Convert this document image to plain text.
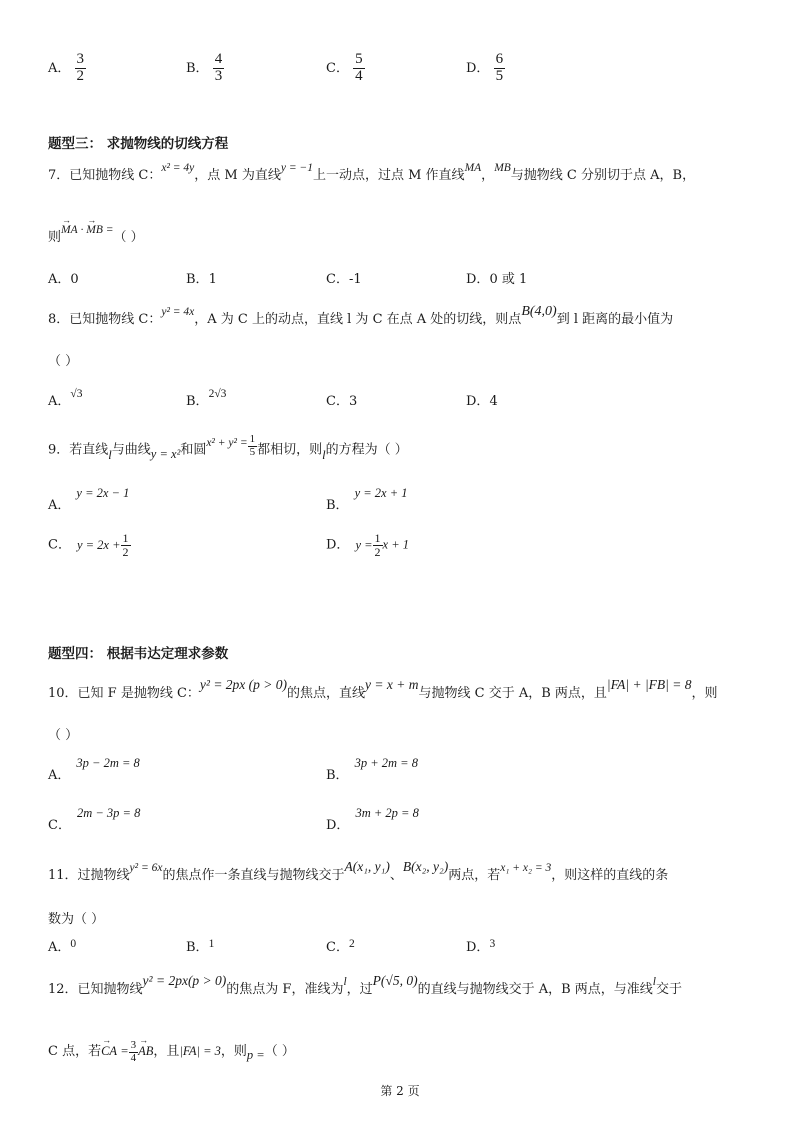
A． $\frac{3}{2}$	B． $\frac{4}{3}$	C． $\frac{5}{4}$	D． $\frac{6}{5}$
题型三： 求抛物线的切线方程
7．已知抛物线 C：x² = 4y，点 M 为直线y = −1上一动点，过点 M 作直线MA，MB与抛物线 C 分别切于点 A，B，
则→ MA · → MB =（ ）
A．0	B．1	C．-1	D．0 或 1
8．已知抛物线 C：y² = 4x，A 为 C 上的动点，直线 l 为 C 在点 A 处的切线，则点B(4,0)到 l 距离的最小值为
（ ）
A．√3	B．2√3	C．3	D．4
9．若直线l与曲线y = x²和圆$x^2 + y^2 = \frac{1}{5}$ 都相切，则l的方程为（ ）
A．y = 2x − 1
B．y = 2x + 1
C． $y = 2x + \frac{1}{2}$	D． $y = \frac{1}{2}$ x + 1
题型四： 根据韦达定理求参数
10．已知 F 是抛物线 C：y² = 2px (p > 0)的焦点，直线y = x + m与抛物线 C 交于 A，B 两点，且|FA| + |FB| = 8，则
（ ）
A．3p − 2m = 8
B．3p + 2m = 8
C．2m − 3p = 8
D．3m + 2p = 8
11．过抛物线y² = 6x的焦点作一条直线与抛物线交于A(x₁, y₁)、B(x₂, y₂)两点，若x₁ + x₂ = 3，则这样的直线的条
数为（ ）
A．0	B．1	C．2	D．3
12．已知抛物线y² = 2px(p > 0)的焦点为 F，准线为l，过P(√5, 0)的直线与抛物线交于 A，B 两点，与准线l交于
C 点，若→ CA = $\frac{3}{4}$
→ AB，且|FA| = 3，则p =（ ）
第 2 页
